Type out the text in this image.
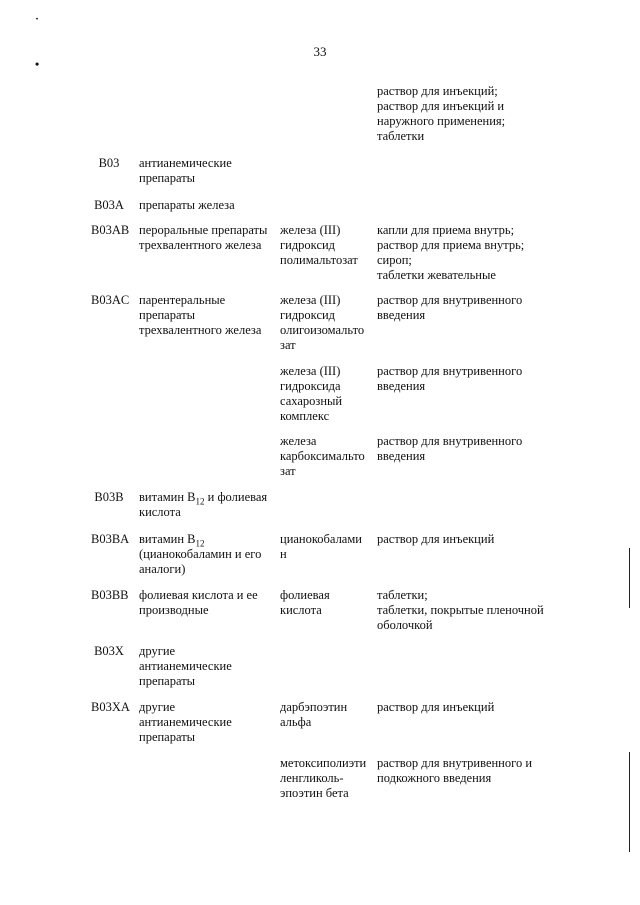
˙
•
33
раствор для инъекций;
раствор для инъекций и
наружного применения;
таблетки
B03	антианемические
препараты
B03A препараты железа
B03AB пероральные препараты
трехвалентного железа
железа (III)
гидроксид
полимальтозат
капли для приема внутрь;
раствор для приема внутрь;
сироп;
таблетки жевательные
B03AC парентеральные
препараты
трехвалентного железа
железа (III)
гидроксид
олигоизомальто
зат
раствор для внутривенного
введения
железа (III)
гидроксида
сахарозный
комплекс
раствор для внутривенного
введения
железа
карбоксимальто
зат
раствор для внутривенного
введения
B03B витамин $B_{12}$ и фолиевая
кислота
B03BA витамин $B_{12}$
(цианокобаламин и его
аналоги)
цианокобалами
н
раствор для инъекций
B03BB фолиевая кислота и ее
производные
фолиевая
кислота
таблетки;
таблетки, покрытые пленочной
оболочкой
B03X другие
антианемические
препараты
B03XA другие
антианемические
препараты
дарбэпоэтин
альфа
раствор для инъекций
метоксиполиэти
ленгликоль-
эпоэтин бета
раствор для внутривенного и
подкожного введения
